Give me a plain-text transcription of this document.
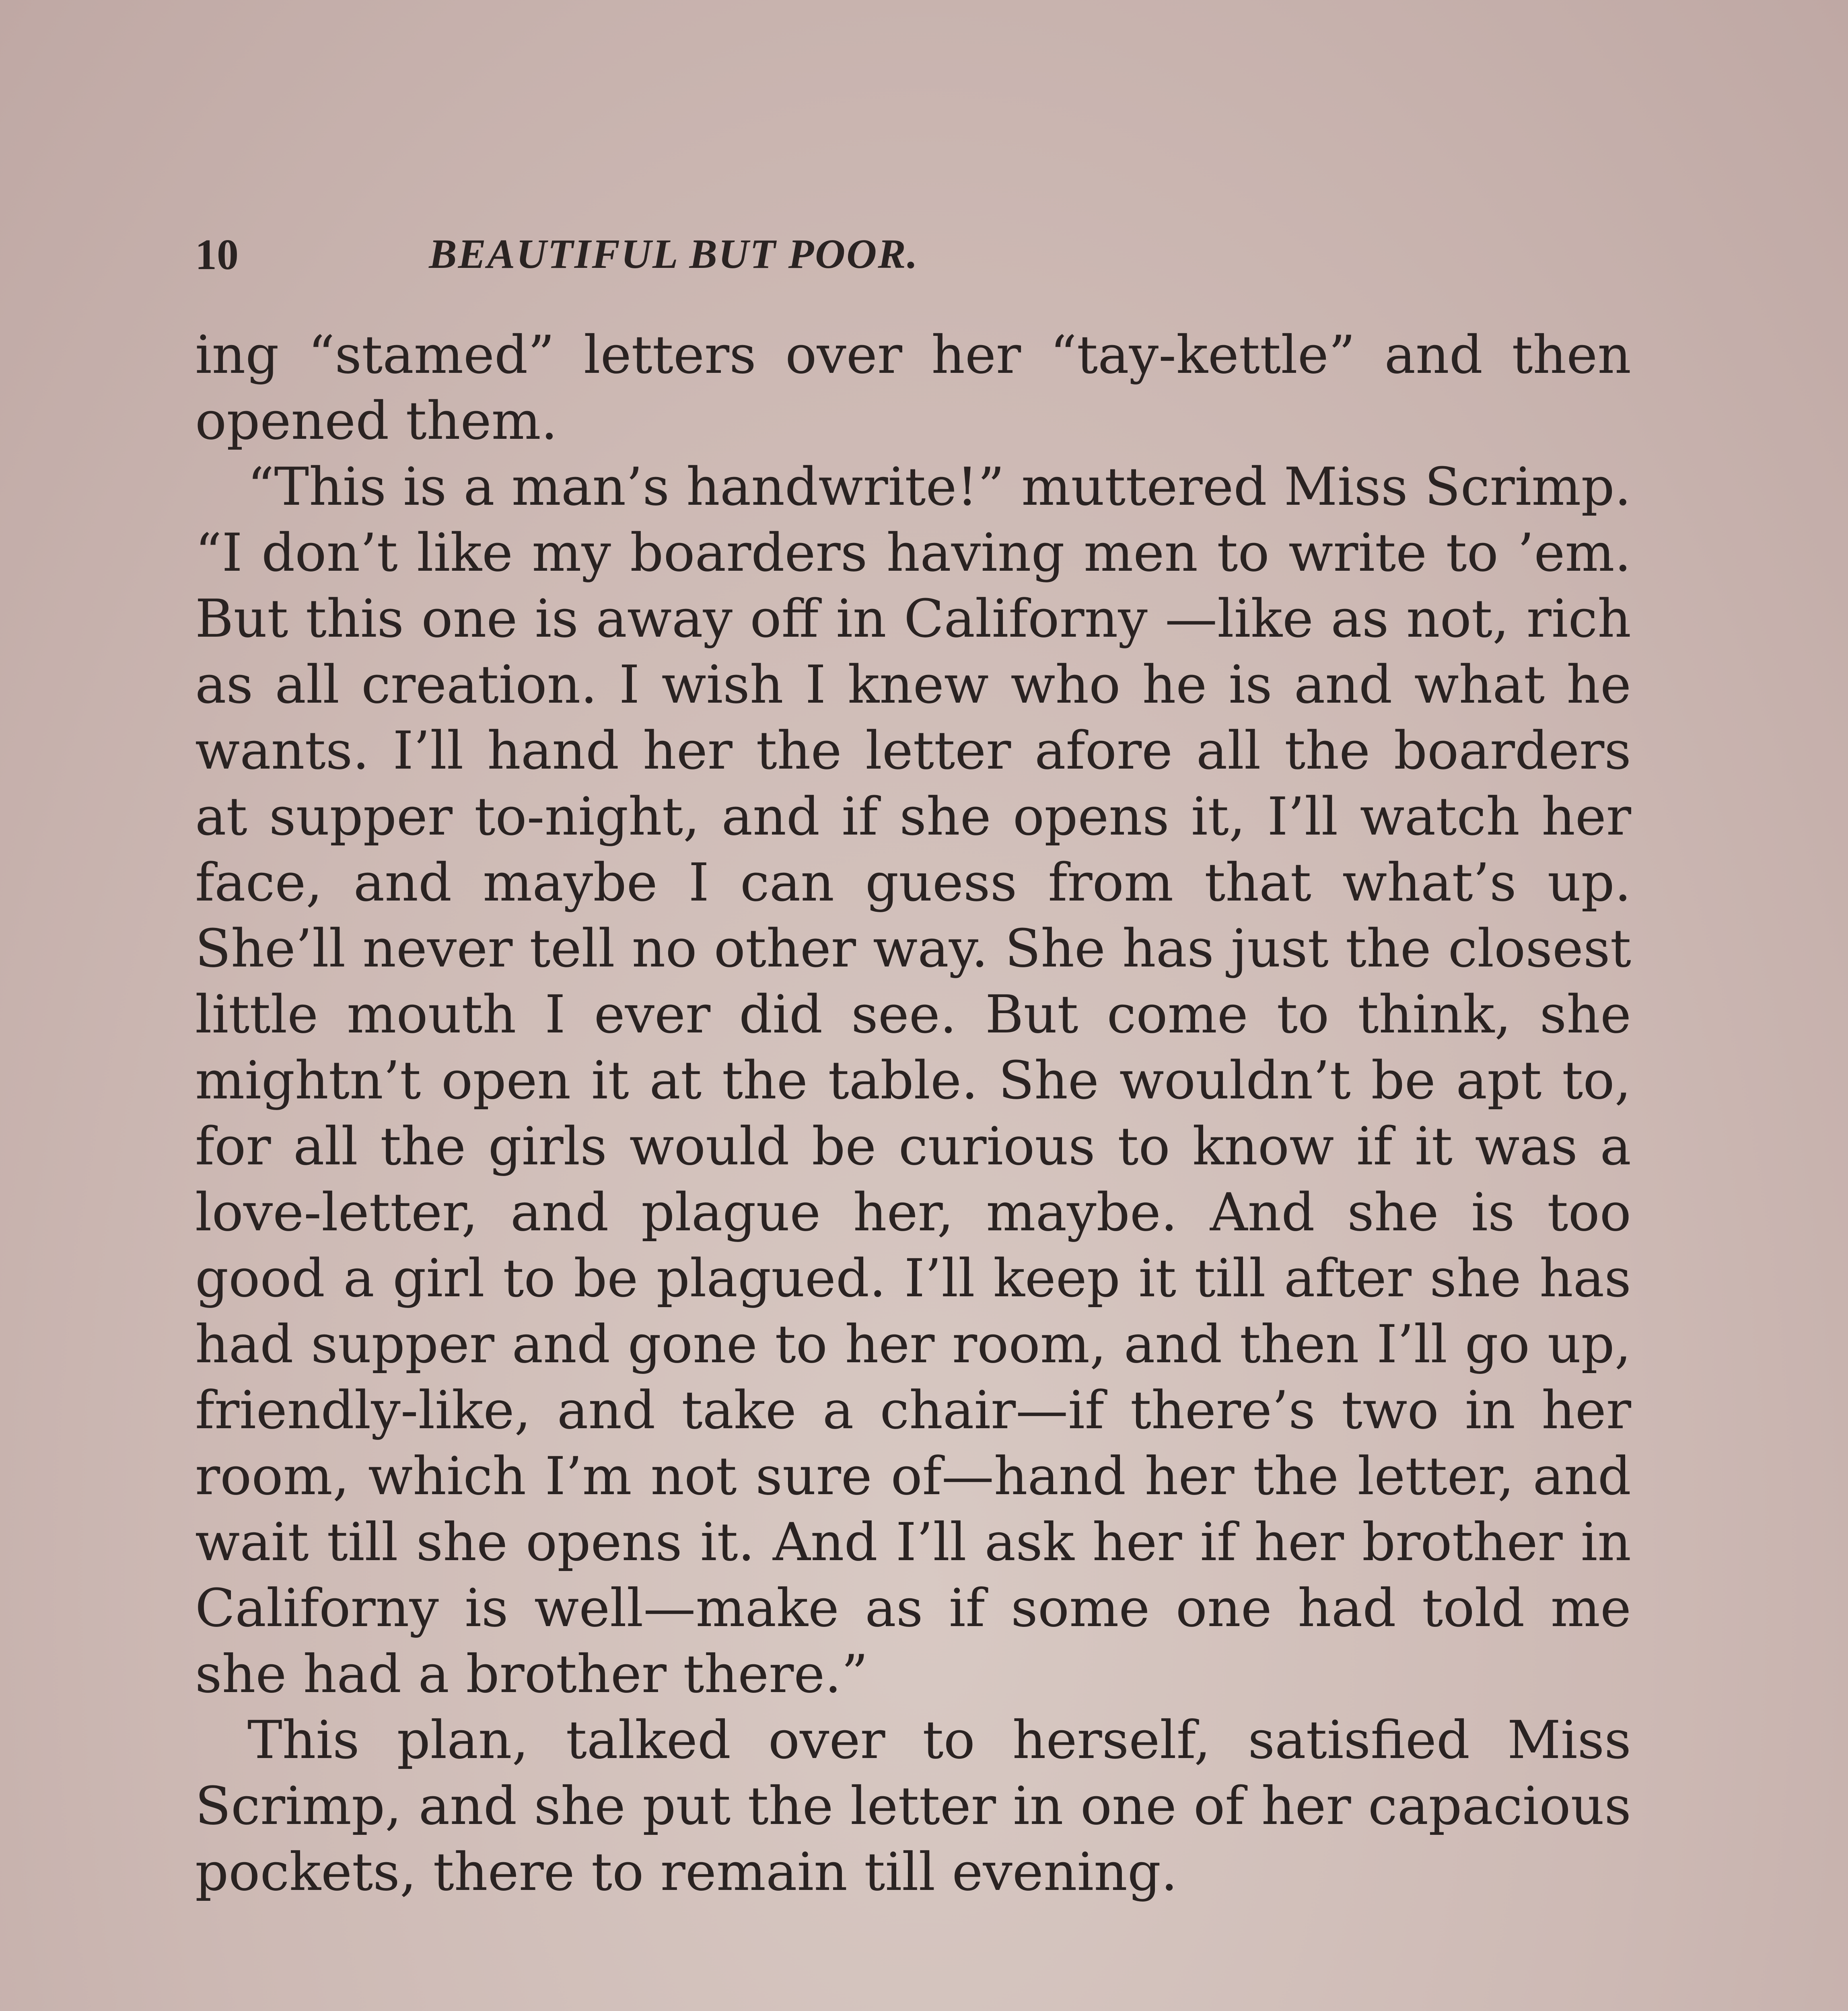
10	BEAUTIFUL BUT POOR.

ing “stamed” letters over her “tay-kettle” and then opened them.

“This is a man’s handwrite!” muttered Miss Scrimp. “I don’t like my boarders having men to write to ’em. But this one is away off in Californy —like as not, rich as all creation. I wish I knew who he is and what he wants. I’ll hand her the letter afore all the boarders at supper to-night, and if she opens it, I’ll watch her face, and maybe I can guess from that what’s up. She’ll never tell no other way. She has just the closest little mouth I ever did see. But come to think, she mightn’t open it at the table. She wouldn’t be apt to, for all the girls would be curious to know if it was a love-letter, and plague her, maybe. And she is too good a girl to be plagued. I’ll keep it till after she has had supper and gone to her room, and then I’ll go up, friendly-like, and take a chair—if there’s two in her room, which I’m not sure of—hand her the letter, and wait till she opens it. And I’ll ask her if her brother in Californy is well—make as if some one had told me she had a brother there.”

This plan, talked over to herself, satisfied Miss Scrimp, and she put the letter in one of her capacious pockets, there to remain till evening.
